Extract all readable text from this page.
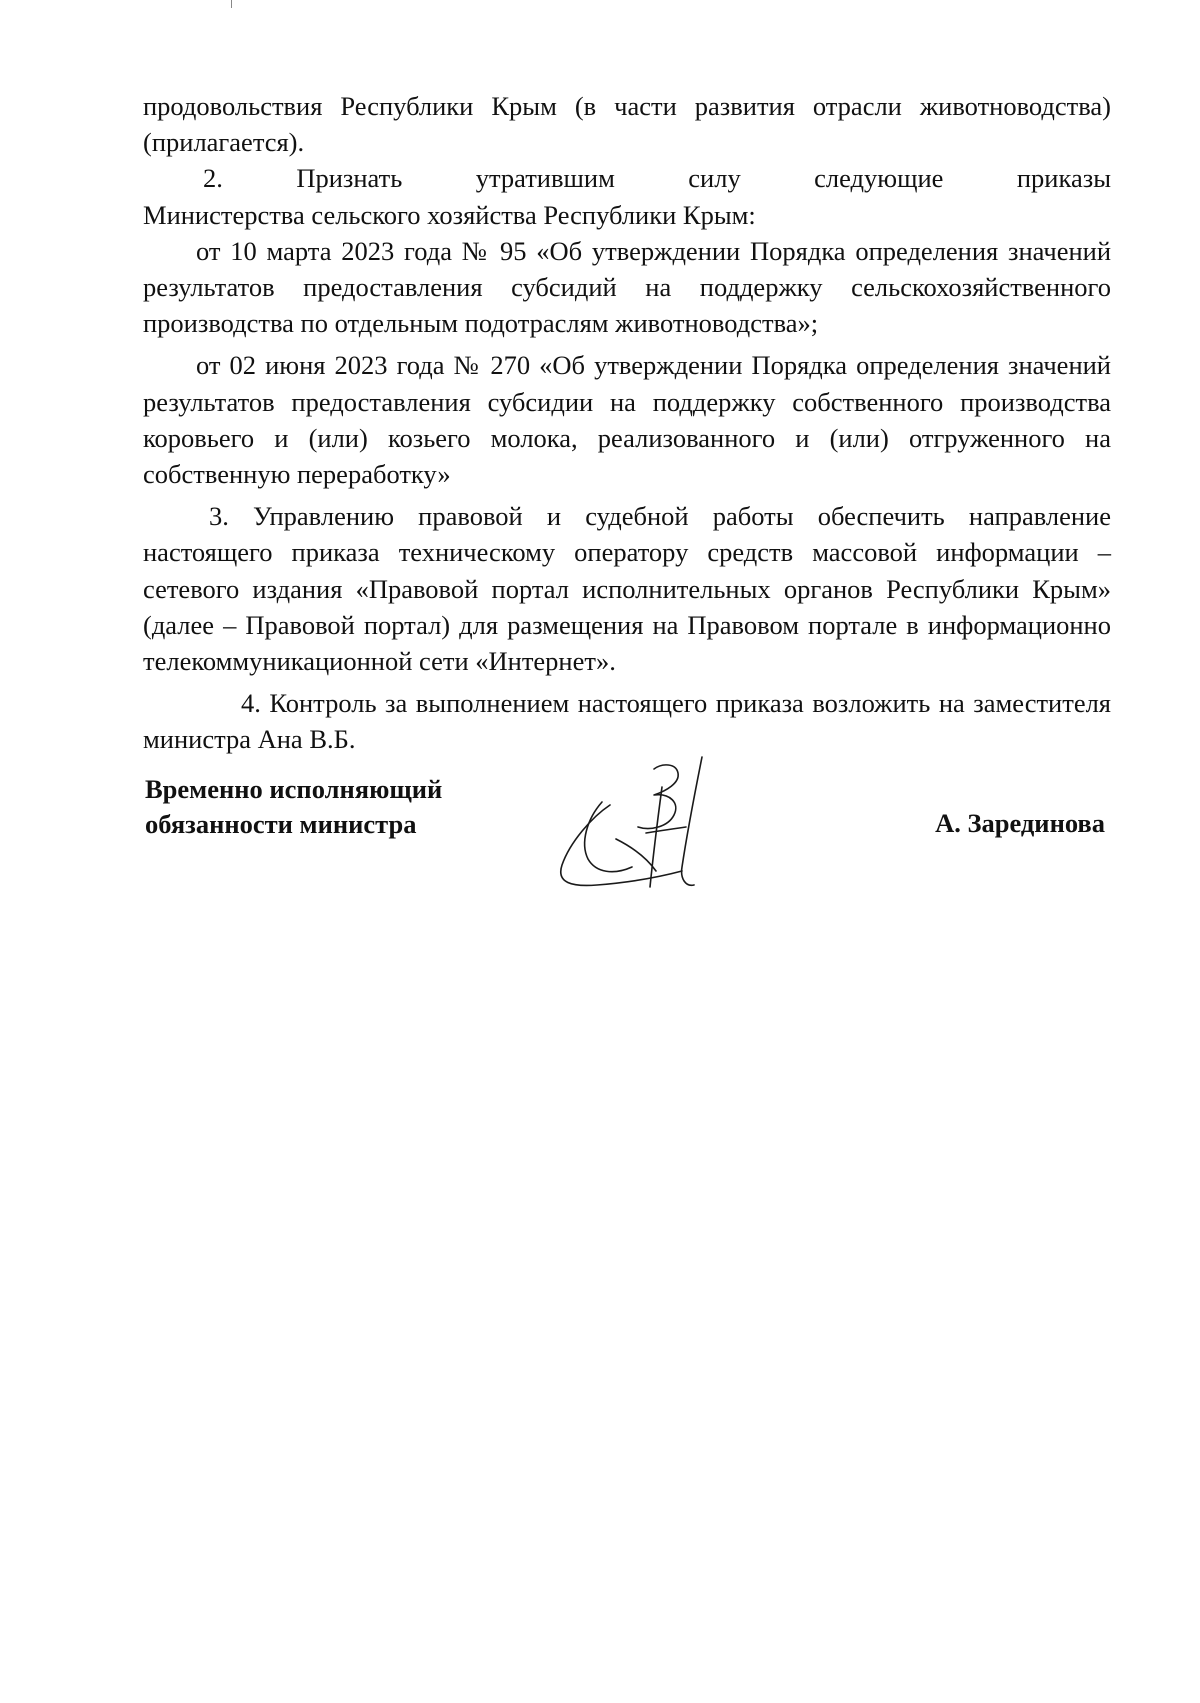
продовольствия Республики Крым (в части развития отрасли животноводства) (прилагается).

2. Признать утратившим силу следующие приказы

Министерства сельского хозяйства Республики Крым:

от 10 марта 2023 года № 95 «Об утверждении Порядка определения значений результатов предоставления субсидий на поддержку сельскохозяйственного производства по отдельным подотраслям животноводства»;

от 02 июня 2023 года № 270 «Об утверждении Порядка определения значений результатов предоставления субсидии на поддержку собственного производства коровьего и (или) козьего молока, реализованного и (или) отгруженного на собственную переработку»

3. Управлению правовой и судебной работы обеспечить направление настоящего приказа техническому оператору средств массовой информации – сетевого издания «Правовой портал исполнительных органов Республики Крым» (далее – Правовой портал) для размещения на Правовом портале в информационно телекоммуникационной сети «Интернет».

4. Контроль за выполнением настоящего приказа возложить на заместителя министра Ана В.Б.

Временно исполняющий
обязанности министра	А. Зарединова
